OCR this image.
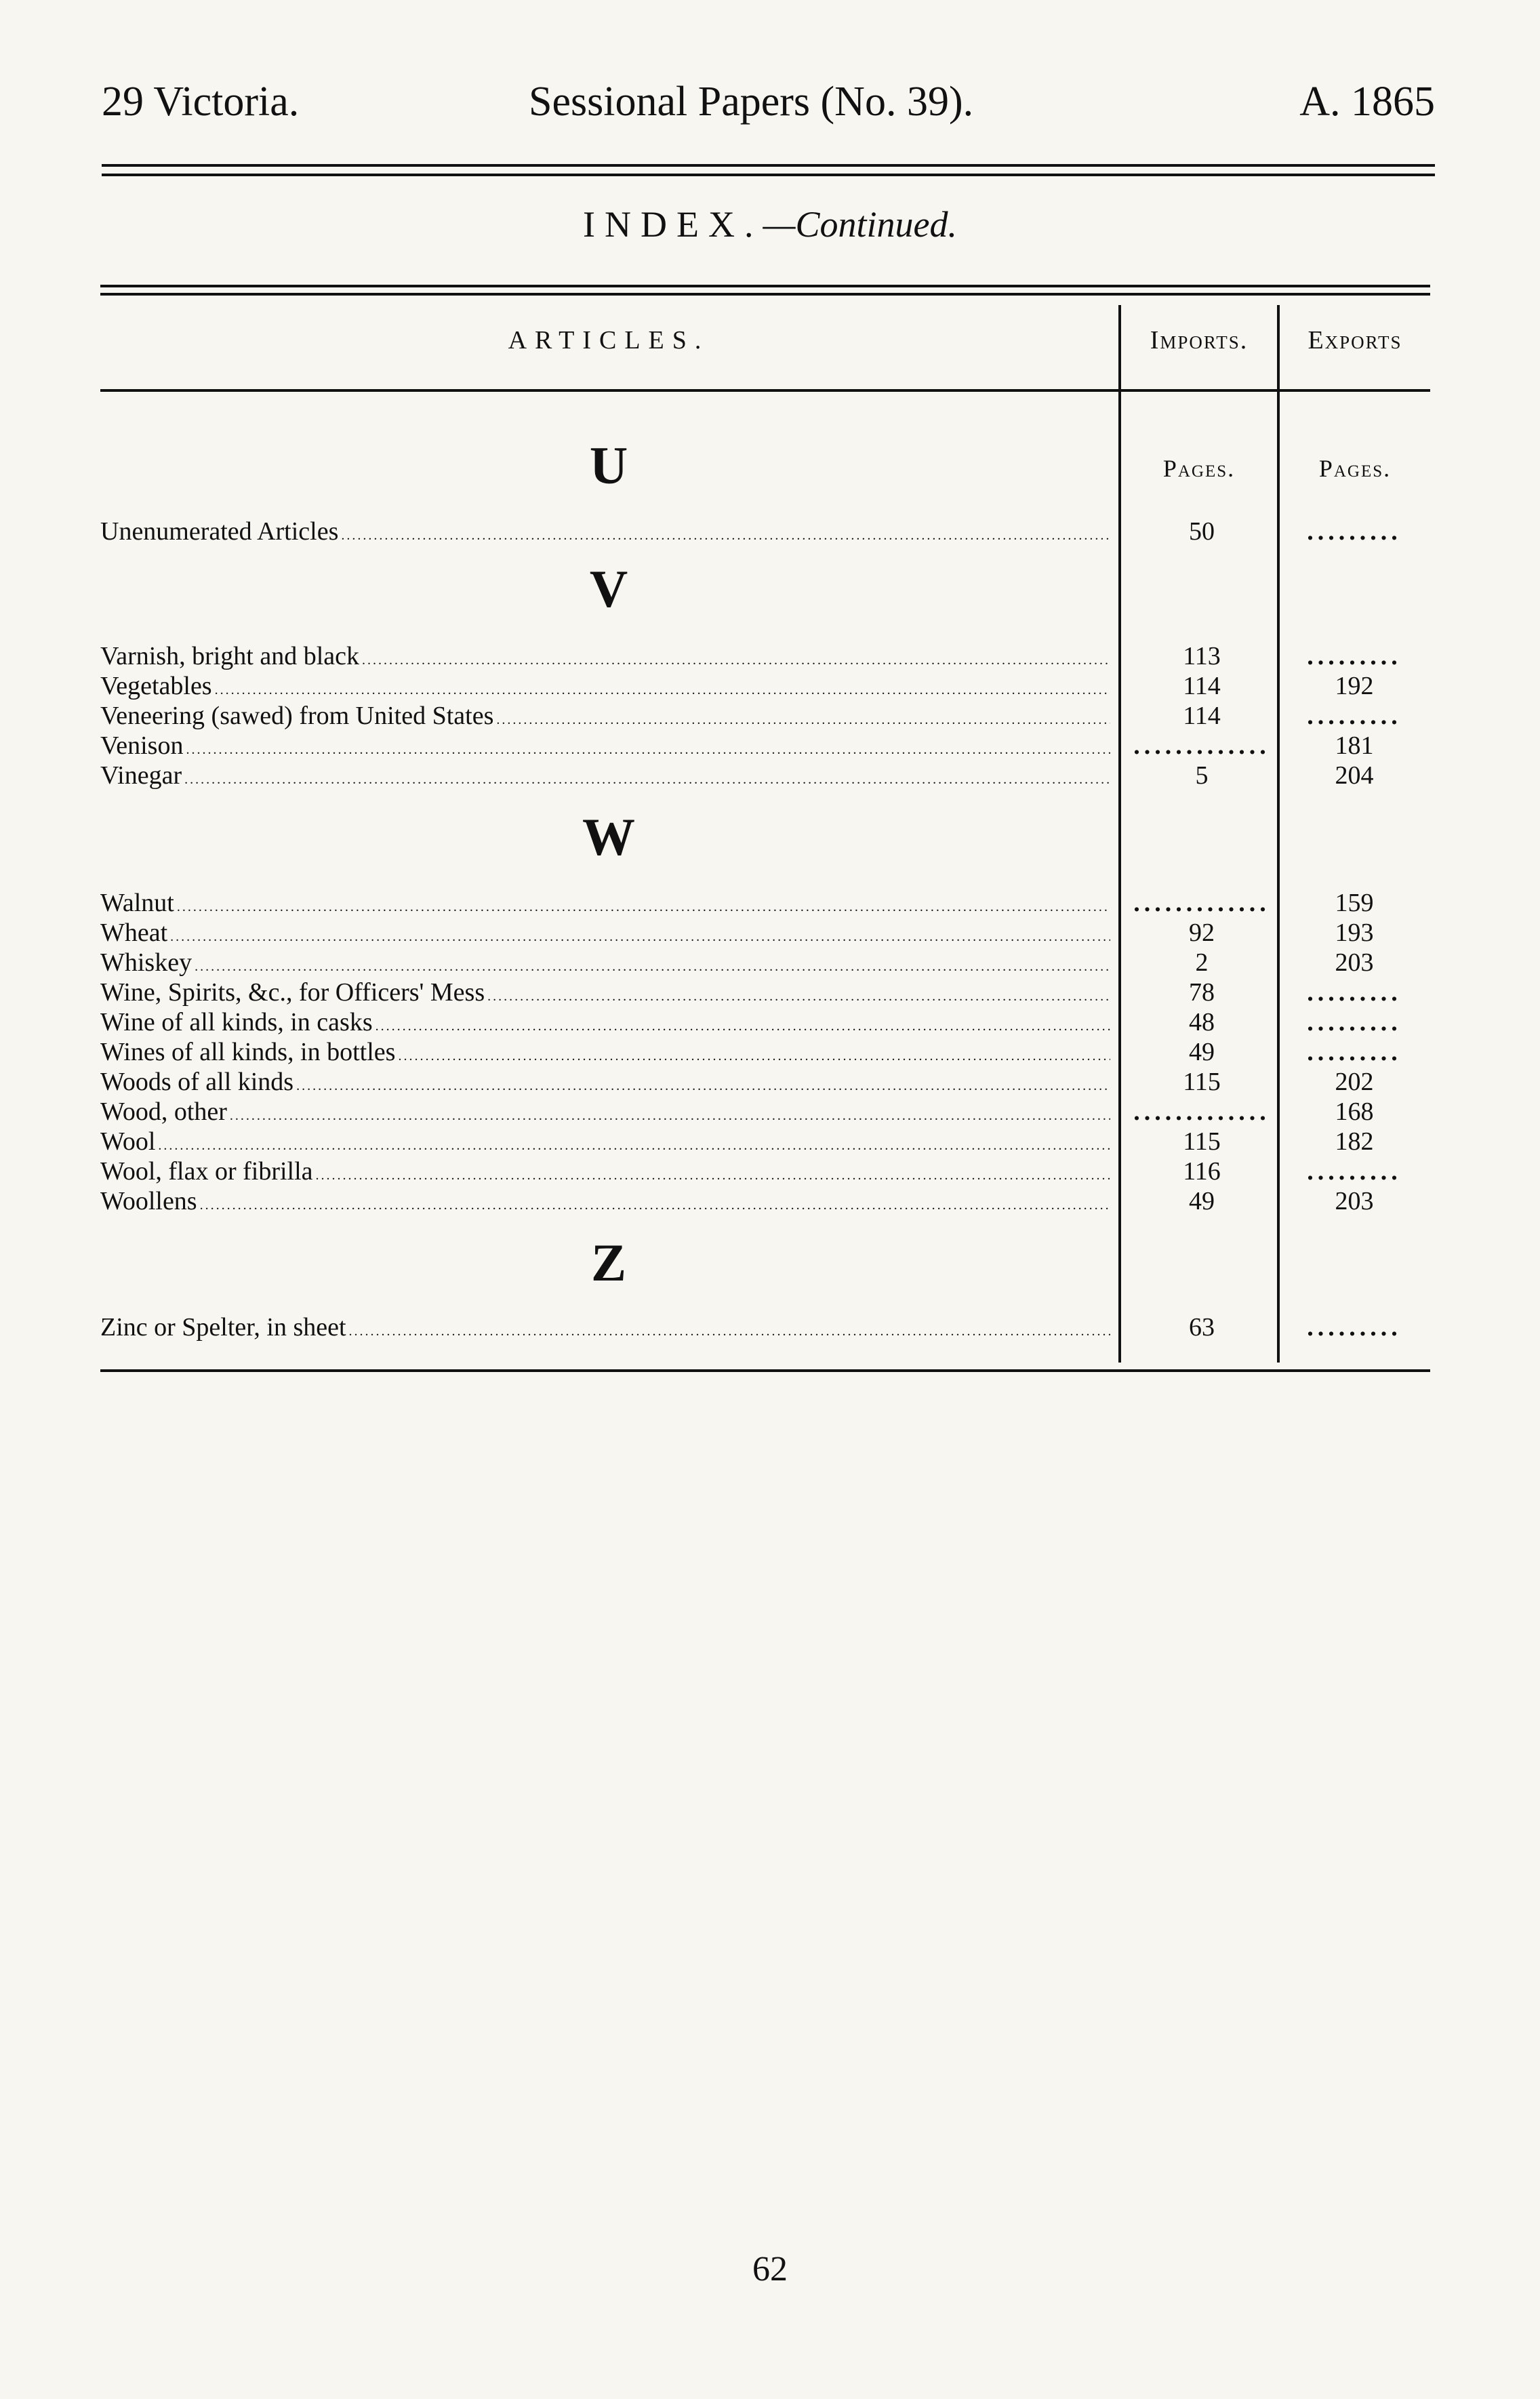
29 Victoria.	Sessional Papers (No. 39).	A. 1865
INDEX.—Continued.
ARTICLES.	Imports.	Exports
Pages.	Pages.
U
Unenumerated Articles . . .	50	.........
V
Varnish, bright and black . . .	113	.........
Vegetables . . .	114	192
Veneering (sawed) from United States . . .	114	.........
Venison . . .	.............	181
Vinegar . . .	5	204
W
Walnut . . .	.............	159
Wheat . . .	92	193
Whiskey . . .	2	203
Wine, Spirits, &c., for Officers' Mess . . .	78	.........
Wine of all kinds, in casks . . .	48	.........
Wines of all kinds, in bottles . . .	49	.........
Woods of all kinds . . .	115	202
Wood, other . . .	.............	168
Wool . . .	115	182
Wool, flax or fibrilla . . .	116	.........
Woollens . . .	49	203
Z
Zinc or Spelter, in sheet . . .	63	.........
62
